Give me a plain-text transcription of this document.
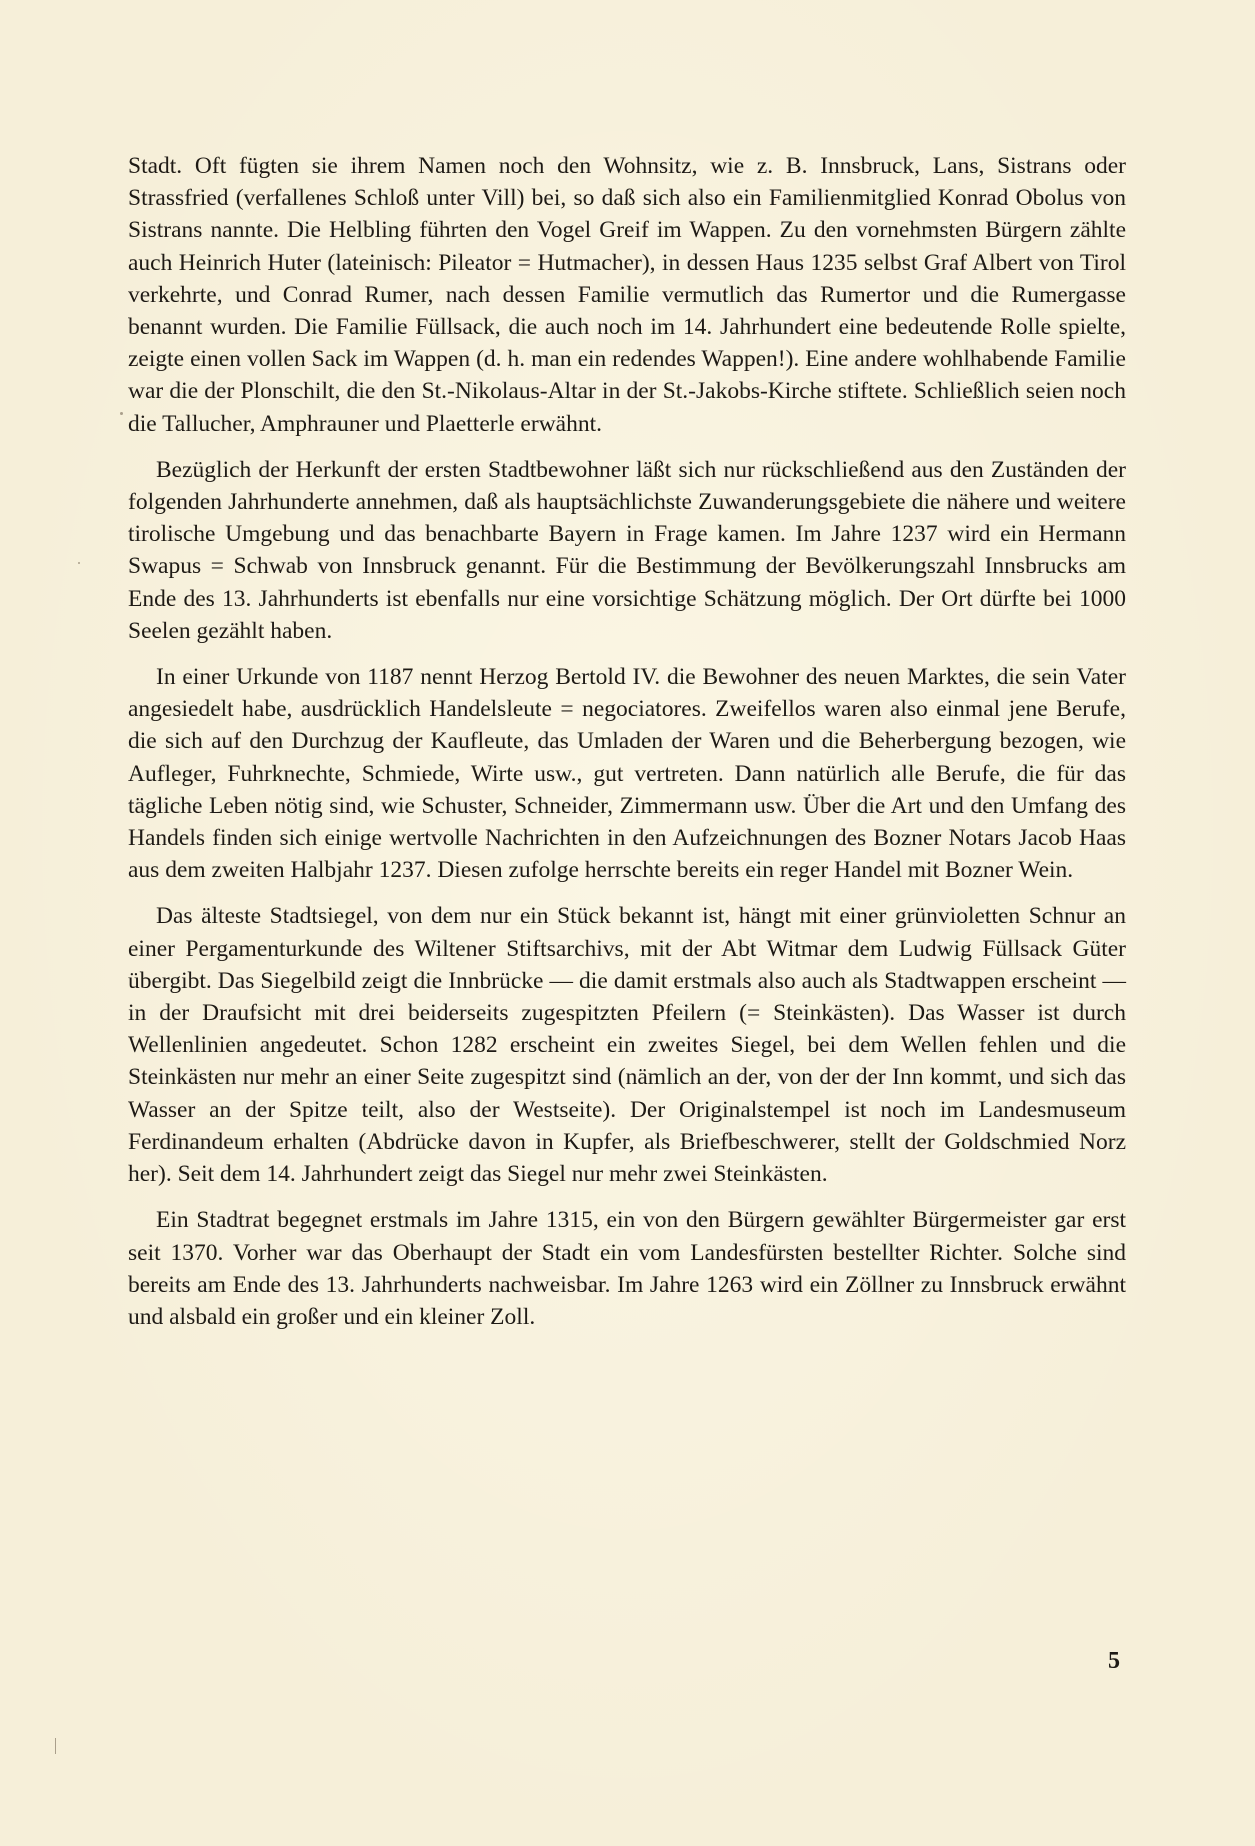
Stadt. Oft fügten sie ihrem Namen noch den Wohnsitz, wie z. B. Innsbruck, Lans, Sistrans oder Strassfried (verfallenes Schloß unter Vill) bei, so daß sich also ein Familienmitglied Konrad Obolus von Sistrans nannte. Die Helbling führten den Vogel Greif im Wappen. Zu den vornehmsten Bürgern zählte auch Heinrich Huter (lateinisch: Pileator = Hutmacher), in dessen Haus 1235 selbst Graf Albert von Tirol verkehrte, und Conrad Rumer, nach dessen Familie vermutlich das Rumertor und die Rumergasse benannt wurden. Die Familie Füllsack, die auch noch im 14. Jahrhundert eine bedeutende Rolle spielte, zeigte einen vollen Sack im Wappen (d. h. man ein redendes Wappen!). Eine andere wohlhabende Familie war die der Plonschilt, die den St.-Nikolaus-Altar in der St.-Jakobs-Kirche stiftete. Schließlich seien noch die Tallucher, Amphrauner und Plaetterle erwähnt.

Bezüglich der Herkunft der ersten Stadtbewohner läßt sich nur rückschließend aus den Zuständen der folgenden Jahrhunderte annehmen, daß als hauptsächlichste Zuwanderungsgebiete die nähere und weitere tirolische Umgebung und das benachbarte Bayern in Frage kamen. Im Jahre 1237 wird ein Hermann Swapus = Schwab von Innsbruck genannt. Für die Bestimmung der Bevölkerungszahl Innsbrucks am Ende des 13. Jahrhunderts ist ebenfalls nur eine vorsichtige Schätzung möglich. Der Ort dürfte bei 1000 Seelen gezählt haben.

In einer Urkunde von 1187 nennt Herzog Bertold IV. die Bewohner des neuen Marktes, die sein Vater angesiedelt habe, ausdrücklich Handelsleute = negociatores. Zweifellos waren also einmal jene Berufe, die sich auf den Durchzug der Kaufleute, das Umladen der Waren und die Beherbergung bezogen, wie Aufleger, Fuhrknechte, Schmiede, Wirte usw., gut vertreten. Dann natürlich alle Berufe, die für das tägliche Leben nötig sind, wie Schuster, Schneider, Zimmermann usw. Über die Art und den Umfang des Handels finden sich einige wertvolle Nachrichten in den Aufzeichnungen des Bozner Notars Jacob Haas aus dem zweiten Halbjahr 1237. Diesen zufolge herrschte bereits ein reger Handel mit Bozner Wein.

Das älteste Stadtsiegel, von dem nur ein Stück bekannt ist, hängt mit einer grünvioletten Schnur an einer Pergamenturkunde des Wiltener Stiftsarchivs, mit der Abt Witmar dem Ludwig Füllsack Güter übergibt. Das Siegelbild zeigt die Innbrücke — die damit erstmals also auch als Stadtwappen erscheint — in der Draufsicht mit drei beiderseits zugespitzten Pfeilern (= Steinkästen). Das Wasser ist durch Wellenlinien angedeutet. Schon 1282 erscheint ein zweites Siegel, bei dem Wellen fehlen und die Steinkästen nur mehr an einer Seite zugespitzt sind (nämlich an der, von der der Inn kommt, und sich das Wasser an der Spitze teilt, also der Westseite). Der Originalstempel ist noch im Landesmuseum Ferdinandeum erhalten (Abdrücke davon in Kupfer, als Briefbeschwerer, stellt der Goldschmied Norz her). Seit dem 14. Jahrhundert zeigt das Siegel nur mehr zwei Steinkästen.

Ein Stadtrat begegnet erstmals im Jahre 1315, ein von den Bürgern gewählter Bürgermeister gar erst seit 1370. Vorher war das Oberhaupt der Stadt ein vom Landesfürsten bestellter Richter. Solche sind bereits am Ende des 13. Jahrhunderts nachweisbar. Im Jahre 1263 wird ein Zöllner zu Innsbruck erwähnt und alsbald ein großer und ein kleiner Zoll.

5
